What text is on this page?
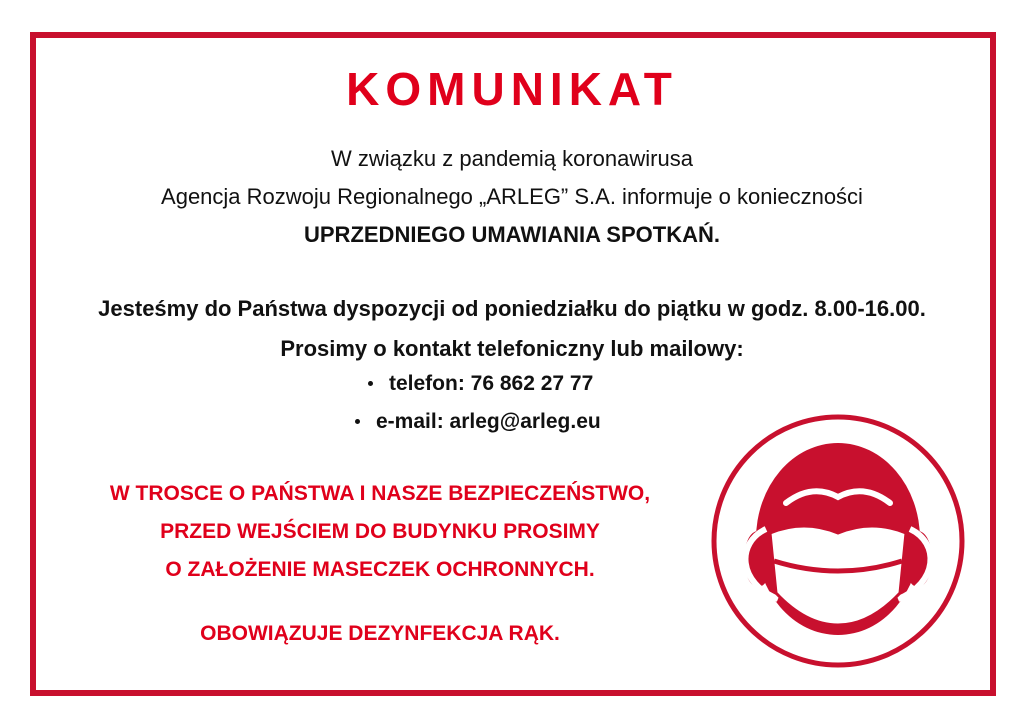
KOMUNIKAT
W związku z pandemią koronawirusa
Agencja Rozwoju Regionalnego „ARLEG” S.A. informuje o konieczności
UPRZEDNIEGO UMAWIANIA SPOTKAŃ.
Jesteśmy do Państwa dyspozycji od poniedziałku do piątku w godz. 8.00-16.00.
Prosimy o kontakt telefoniczny lub mailowy:
telefon: 76 862 27 77
e-mail: arleg@arleg.eu
W TROSCE O PAŃSTWA I NASZE BEZPIECZEŃSTWO,
PRZED WEJŚCIEM DO BUDYNKU PROSIMY
O ZAŁOŻENIE MASECZEK OCHRONNYCH.
OBOWIĄZUJE DEZYNFEKCJA RĄK.
